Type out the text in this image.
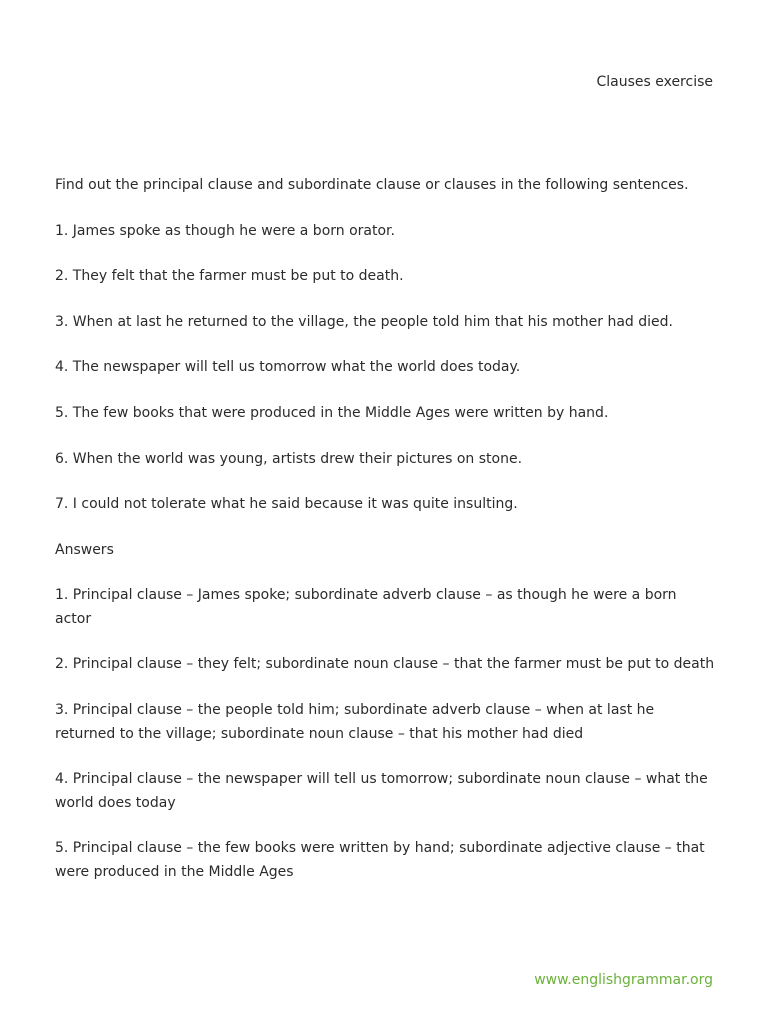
Clauses exercise

Find out the principal clause and subordinate clause or clauses in the following sentences.

1. James spoke as though he were a born orator.

2. They felt that the farmer must be put to death.

3. When at last he returned to the village, the people told him that his mother had died.

4. The newspaper will tell us tomorrow what the world does today.

5. The few books that were produced in the Middle Ages were written by hand.

6. When the world was young, artists drew their pictures on stone.

7. I could not tolerate what he said because it was quite insulting.

Answers

1. Principal clause – James spoke; subordinate adverb clause – as though he were a born actor

2. Principal clause – they felt; subordinate noun clause – that the farmer must be put to death

3. Principal clause – the people told him; subordinate adverb clause – when at last he returned to the village; subordinate noun clause – that his mother had died

4. Principal clause – the newspaper will tell us tomorrow; subordinate noun clause – what the world does today

5. Principal clause – the few books were written by hand; subordinate adjective clause – that were produced in the Middle Ages

www.englishgrammar.org
